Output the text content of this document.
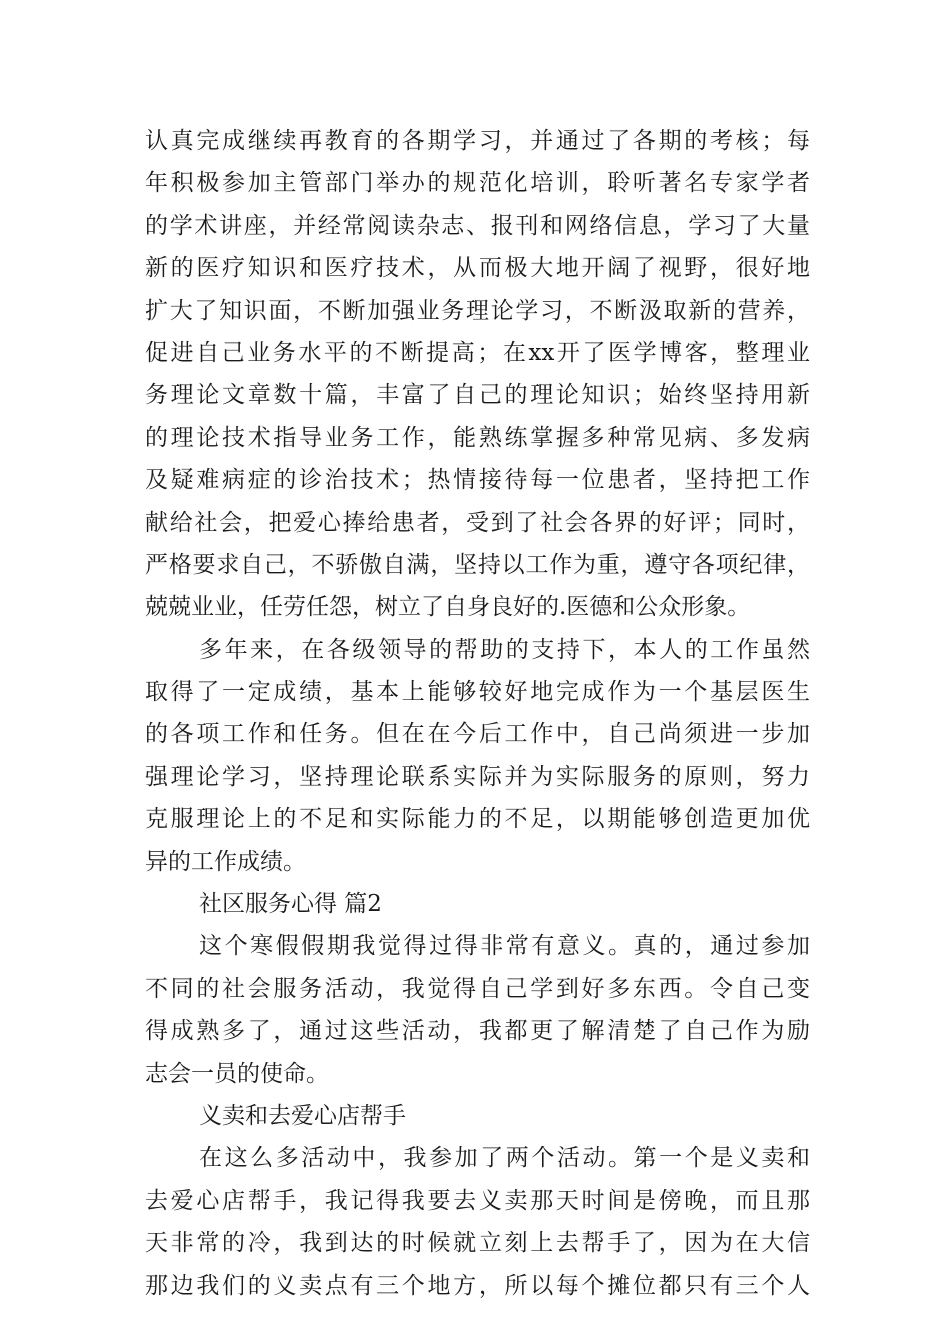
认真完成继续再教育的各期学习，并通过了各期的考核；每
年积极参加主管部门举办的规范化培训，聆听著名专家学者
的学术讲座，并经常阅读杂志、报刊和网络信息，学习了大量
新的医疗知识和医疗技术，从而极大地开阔了视野，很好地
扩大了知识面，不断加强业务理论学习，不断汲取新的营养，
促进自己业务水平的不断提高；在xx开了医学博客，整理业
务理论文章数十篇，丰富了自己的理论知识；始终坚持用新
的理论技术指导业务工作，能熟练掌握多种常见病、多发病
及疑难病症的诊治技术；热情接待每一位患者，坚持把工作
献给社会，把爱心捧给患者，受到了社会各界的好评；同时，
严格要求自己，不骄傲自满，坚持以工作为重，遵守各项纪律，
兢兢业业，任劳任怨，树立了自身良好的.医德和公众形象。
多年来，在各级领导的帮助的支持下，本人的工作虽然
取得了一定成绩，基本上能够较好地完成作为一个基层医生
的各项工作和任务。但在在今后工作中，自己尚须进一步加
强理论学习，坚持理论联系实际并为实际服务的原则，努力
克服理论上的不足和实际能力的不足，以期能够创造更加优
异的工作成绩。
社区服务心得 篇2
这个寒假假期我觉得过得非常有意义。真的，通过参加
不同的社会服务活动，我觉得自己学到好多东西。令自己变
得成熟多了，通过这些活动，我都更了解清楚了自己作为励
志会一员的使命。
义卖和去爱心店帮手
在这么多活动中，我参加了两个活动。第一个是义卖和
去爱心店帮手，我记得我要去义卖那天时间是傍晚，而且那
天非常的冷，我到达的时候就立刻上去帮手了，因为在大信
那边我们的义卖点有三个地方，所以每个摊位都只有三个人
